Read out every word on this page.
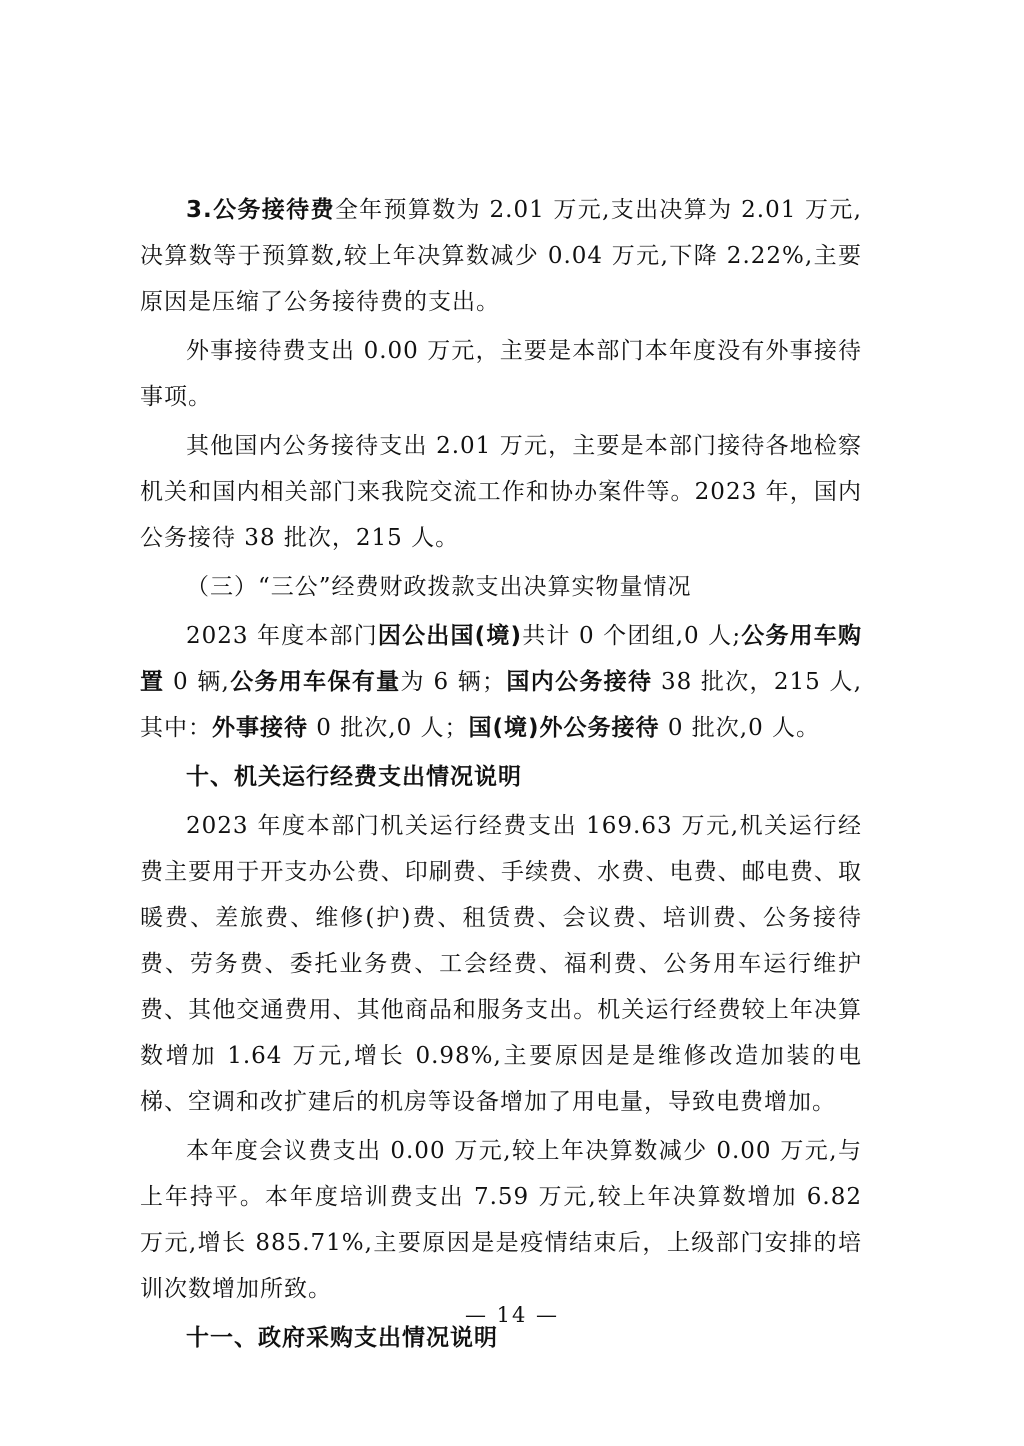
3.公务接待费全年预算数为 2.01 万元,支出决算为 2.01 万元,决算数等于预算数,较上年决算数减少 0.04 万元,下降 2.22%,主要原因是压缩了公务接待费的支出。

外事接待费支出 0.00 万元，主要是本部门本年度没有外事接待事项。

其他国内公务接待支出 2.01 万元，主要是本部门接待各地检察机关和国内相关部门来我院交流工作和协办案件等。2023 年，国内公务接待 38 批次，215 人。

（三）“三公”经费财政拨款支出决算实物量情况

2023 年度本部门因公出国(境)共计 0 个团组,0 人;公务用车购置 0 辆,公务用车保有量为 6 辆；国内公务接待 38 批次，215 人,其中：外事接待 0 批次,0 人；国(境)外公务接待 0 批次,0 人。

十、机关运行经费支出情况说明

2023 年度本部门机关运行经费支出 169.63 万元,机关运行经费主要用于开支办公费、印刷费、手续费、水费、电费、邮电费、取暖费、差旅费、维修(护)费、租赁费、会议费、培训费、公务接待费、劳务费、委托业务费、工会经费、福利费、公务用车运行维护费、其他交通费用、其他商品和服务支出。机关运行经费较上年决算数增加 1.64 万元,增长 0.98%,主要原因是是维修改造加装的电梯、空调和改扩建后的机房等设备增加了用电量，导致电费增加。

本年度会议费支出 0.00 万元,较上年决算数减少 0.00 万元,与上年持平。本年度培训费支出 7.59 万元,较上年决算数增加 6.82 万元,增长 885.71%,主要原因是是疫情结束后，上级部门安排的培训次数增加所致。

十一、政府采购支出情况说明

— 14 —
